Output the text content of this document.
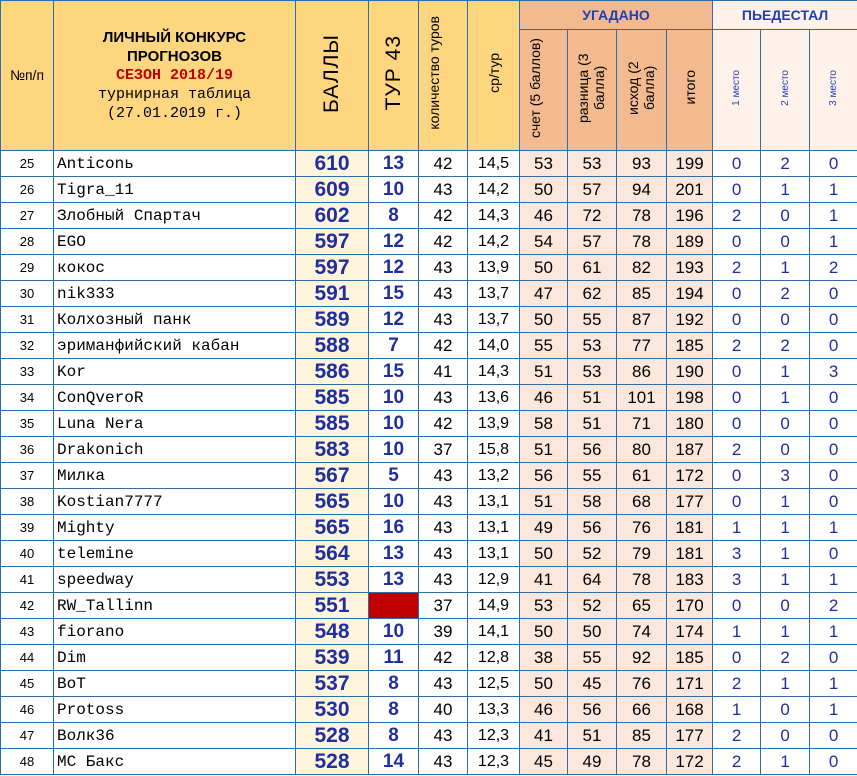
№п/п	ЛИЧНЫЙ КОНКУРС
ПРОГНОЗОВ
СЕЗОН 2018/19
турнирная таблица
(27.01.2019 г.)	БАЛЛЫ	ТУР 43	количество туров	ср/тур	УГАДАНО				ПЬЕДЕСТАЛ		
						счет (5 баллов)	разница (3 балла)	исход (2 балла)	итого	1 место	2 место	3 место
25	Anticonь	610	13	42	14,5	53	53	93	199	0	2	0
26	Tigra_11	609	10	43	14,2	50	57	94	201	0	1	1
27	Злобный Спартач	602	8	42	14,3	46	72	78	196	2	0	1
28	EGO	597	12	42	14,2	54	57	78	189	0	0	1
29	кокос	597	12	43	13,9	50	61	82	193	2	1	2
30	nik333	591	15	43	13,7	47	62	85	194	0	2	0
31	Колхозный панк	589	12	43	13,7	50	55	87	192	0	0	0
32	эриманфийский кабан	588	7	42	14,0	55	53	77	185	2	2	0
33	Kor	586	15	41	14,3	51	53	86	190	0	1	3
34	ConQveroR	585	10	43	13,6	46	51	101	198	0	1	0
35	Luna Nera	585	10	42	13,9	58	51	71	180	0	0	0
36	Drakonich	583	10	37	15,8	51	56	80	187	2	0	0
37	Милка	567	5	43	13,2	56	55	61	172	0	3	0
38	Kostian7777	565	10	43	13,1	51	58	68	177	0	1	0
39	Mighty	565	16	43	13,1	49	56	76	181	1	1	1
40	telemine	564	13	43	13,1	50	52	79	181	3	1	0
41	speedway	553	13	43	12,9	41	64	78	183	3	1	1
42	RW_Tallinn	551		37	14,9	53	52	65	170	0	0	2
43	fiorano	548	10	39	14,1	50	50	74	174	1	1	1
44	Dim	539	11	42	12,8	38	55	92	185	0	2	0
45	BoT	537	8	43	12,5	50	45	76	171	2	1	1
46	Protoss	530	8	40	13,3	46	56	66	168	1	0	1
47	Волк36	528	8	43	12,3	41	51	85	177	2	0	0
48	MC Бакс	528	14	43	12,3	45	49	78	172	2	1	0
